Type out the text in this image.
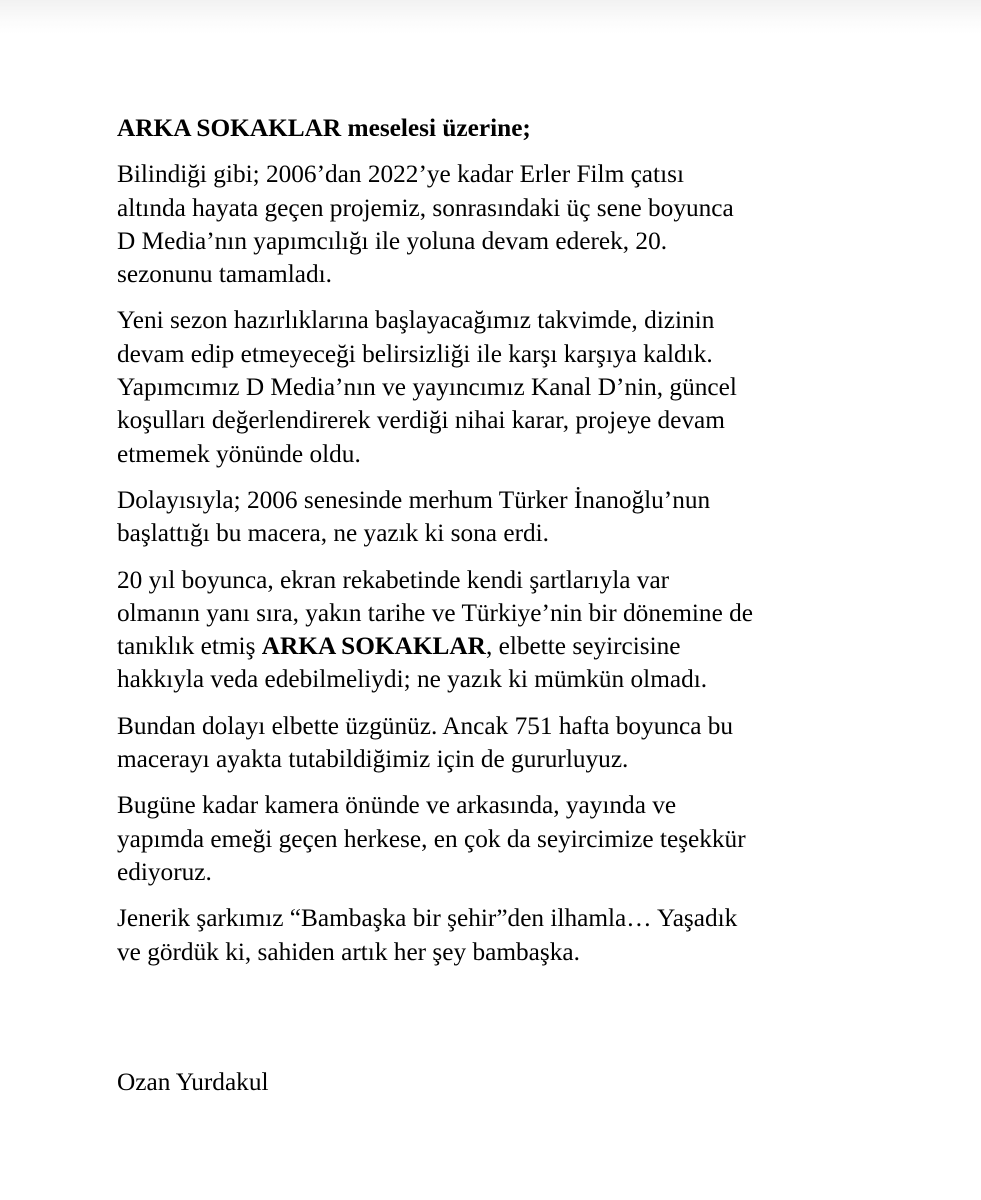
ARKA SOKAKLAR meselesi üzerine;

Bilindiği gibi; 2006’dan 2022’ye kadar Erler Film çatısı
altında hayata geçen projemiz, sonrasındaki üç sene boyunca
D Media’nın yapımcılığı ile yoluna devam ederek, 20.
sezonunu tamamladı.

Yeni sezon hazırlıklarına başlayacağımız takvimde, dizinin
devam edip etmeyeceği belirsizliği ile karşı karşıya kaldık.
Yapımcımız D Media’nın ve yayıncımız Kanal D’nin, güncel
koşulları değerlendirerek verdiği nihai karar, projeye devam
etmemek yönünde oldu.

Dolayısıyla; 2006 senesinde merhum Türker İnanoğlu’nun
başlattığı bu macera, ne yazık ki sona erdi.

20 yıl boyunca, ekran rekabetinde kendi şartlarıyla var
olmanın yanı sıra, yakın tarihe ve Türkiye’nin bir dönemine de
tanıklık etmiş ARKA SOKAKLAR, elbette seyircisine
hakkıyla veda edebilmeliydi; ne yazık ki mümkün olmadı.

Bundan dolayı elbette üzgünüz. Ancak 751 hafta boyunca bu
macerayı ayakta tutabildiğimiz için de gururluyuz.

Bugüne kadar kamera önünde ve arkasında, yayında ve
yapımda emeği geçen herkese, en çok da seyircimize teşekkür
ediyoruz.

Jenerik şarkımız “Bambaşka bir şehir”den ilhamla… Yaşadık
ve gördük ki, sahiden artık her şey bambaşka.

Ozan Yurdakul
